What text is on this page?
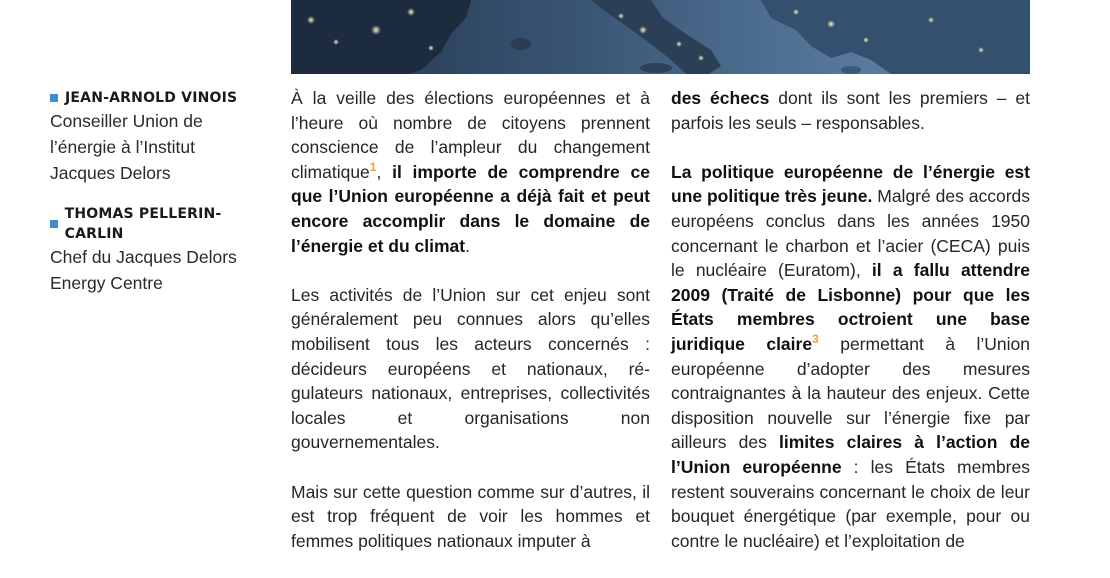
JEAN-ARNOLD VINOIS
Conseiller Union de
l’énergie à l’Institut
Jacques Delors
THOMAS PELLERIN-CARLIN
Chef du Jacques Delors
Energy Centre

À la veille des élections européennes et à l’heure où nombre de citoyens prennent conscience de l’ampleur du changement climatique$^1$, il importe de comprendre ce que l’Union européenne a déjà fait et peut encore accomplir dans le domaine de l’énergie et du climat.

Les activités de l’Union sur cet enjeu sont généralement peu connues alors qu’elles mobilisent tous les acteurs concernés : décideurs européens et nationaux, régulateurs nationaux, entreprises, collectivités locales et organisations non gouvernementales.

Mais sur cette question comme sur d’autres, il est trop fréquent de voir les hommes et femmes politiques nationaux imputer à

des échecs dont ils sont les premiers – et parfois les seuls – responsables.

La politique européenne de l’énergie est une politique très jeune. Malgré des accords européens conclus dans les années 1950 concernant le charbon et l’acier (CECA) puis le nucléaire (Euratom), il a fallu attendre 2009 (Traité de Lisbonne) pour que les États membres octroient une base juridique claire$^3$ permettant à l’Union européenne d’adopter des mesures contraignantes à la hauteur des enjeux. Cette disposition nouvelle sur l’énergie fixe par ailleurs des limites claires à l’action de l’Union européenne : les États membres restent souverains concernant le choix de leur bouquet énergétique (par exemple, pour ou contre le nucléaire) et l’exploitation de
